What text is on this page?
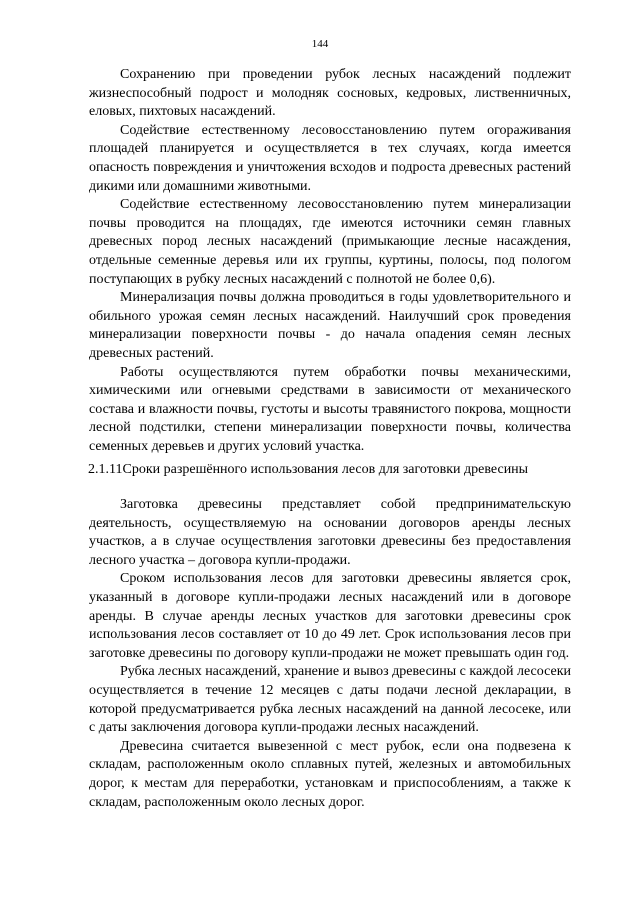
144

Сохранению при проведении рубок лесных насаждений подлежит жизнеспособный подрост и молодняк сосновых, кедровых, лиственничных, еловых, пихтовых насаждений.

Содействие естественному лесовосстановлению путем огораживания площадей планируется и осуществляется в тех случаях, когда имеется опасность повреждения и уничтожения всходов и подроста древесных растений дикими или домашними животными.

Содействие естественному лесовосстановлению путем минерализации почвы проводится на площадях, где имеются источники семян главных древесных пород лесных насаждений (примыкающие лесные насаждения, отдельные семенные деревья или их группы, куртины, полосы, под пологом поступающих в рубку лесных насаждений с полнотой не более 0,6).

Минерализация почвы должна проводиться в годы удовлетворительного и обильного урожая семян лесных насаждений. Наилучший срок проведения минерализации поверхности почвы - до начала опадения семян лесных древесных растений.

Работы осуществляются путем обработки почвы механическими, химическими или огневыми средствами в зависимости от механического состава и влажности почвы, густоты и высоты травянистого покрова, мощности лесной подстилки, степени минерализации поверхности почвы, количества семенных деревьев и других условий участка.

2.1.11Сроки разрешённого использования лесов для заготовки древесины

Заготовка древесины представляет собой предпринимательскую деятельность, осуществляемую на основании договоров аренды лесных участков, а в случае осуществления заготовки древесины без предоставления лесного участка – договора купли-продажи.

Сроком использования лесов для заготовки древесины является срок, указанный в договоре купли-продажи лесных насаждений или в договоре аренды. В случае аренды лесных участков для заготовки древесины срок использования лесов составляет от 10 до 49 лет. Срок использования лесов при заготовке древесины по договору купли-продажи не может превышать один год.

Рубка лесных насаждений, хранение и вывоз древесины с каждой лесосеки осуществляется в течение 12 месяцев с даты подачи лесной декларации, в которой предусматривается рубка лесных насаждений на данной лесосеке, или с даты заключения договора купли-продажи лесных насаждений.

Древесина считается вывезенной с мест рубок, если она подвезена к складам, расположенным около сплавных путей, железных и автомобильных дорог, к местам для переработки, установкам и приспособлениям, а также к складам, расположенным около лесных дорог.
